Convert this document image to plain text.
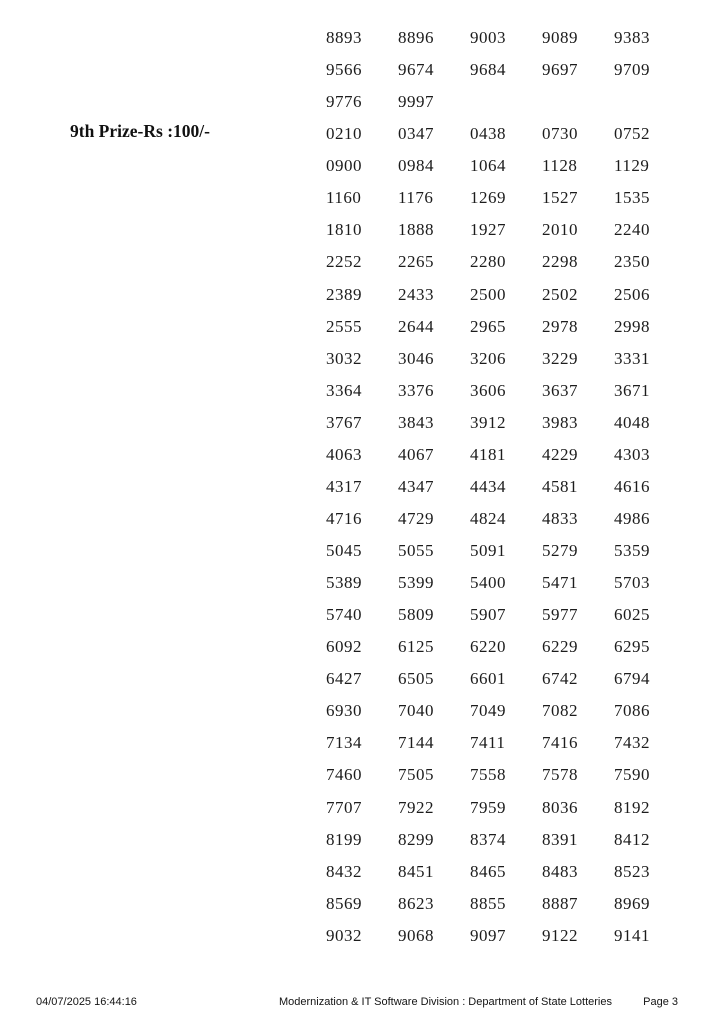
9th Prize-Rs :100/-
8893 8896 9003 9089 9383
9566 9674 9684 9697 9709
9776 9997
0210 0347 0438 0730 0752
0900 0984 1064 1128 1129
1160 1176 1269 1527 1535
1810 1888 1927 2010 2240
2252 2265 2280 2298 2350
2389 2433 2500 2502 2506
2555 2644 2965 2978 2998
3032 3046 3206 3229 3331
3364 3376 3606 3637 3671
3767 3843 3912 3983 4048
4063 4067 4181 4229 4303
4317 4347 4434 4581 4616
4716 4729 4824 4833 4986
5045 5055 5091 5279 5359
5389 5399 5400 5471 5703
5740 5809 5907 5977 6025
6092 6125 6220 6229 6295
6427 6505 6601 6742 6794
6930 7040 7049 7082 7086
7134 7144 7411 7416 7432
7460 7505 7558 7578 7590
7707 7922 7959 8036 8192
8199 8299 8374 8391 8412
8432 8451 8465 8483 8523
8569 8623 8855 8887 8969
9032 9068 9097 9122 9141
04/07/2025 16:44:16	Modernization & IT Software Division : Department of State Lotteries	Page 3
